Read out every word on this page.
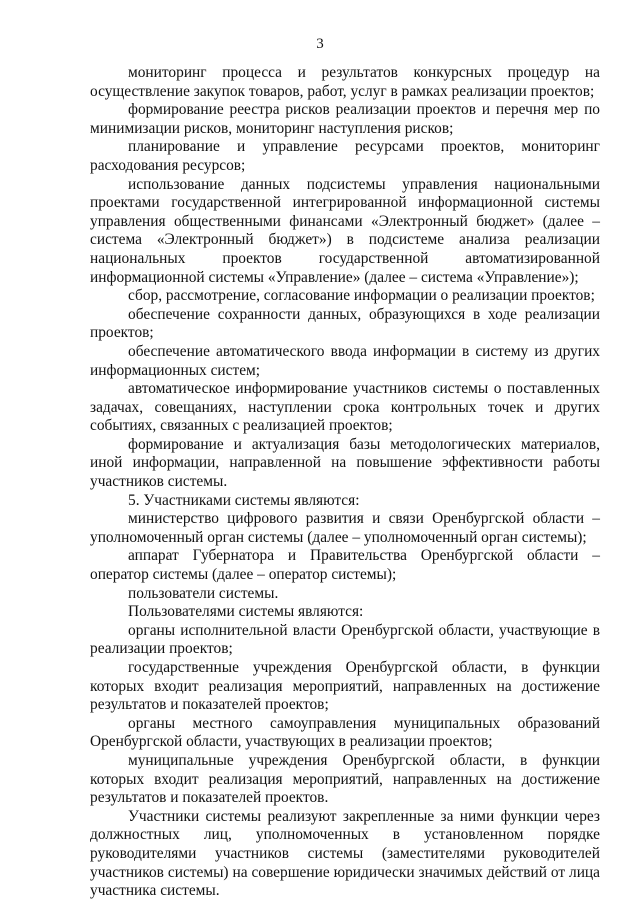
3
мониторинг процесса и результатов конкурсных процедур на
осуществление закупок товаров, работ, услуг в рамках реализации проектов;
формирование реестра рисков реализации проектов и перечня мер по
минимизации рисков, мониторинг наступления рисков;
планирование и управление ресурсами проектов, мониторинг
расходования ресурсов;
использование данных подсистемы управления национальными
проектами государственной интегрированной информационной системы
управления общественными финансами «Электронный бюджет» (далее –
система «Электронный бюджет») в подсистеме анализа реализации
национальных проектов государственной автоматизированной
информационной системы «Управление» (далее – система «Управление»);
сбор, рассмотрение, согласование информации о реализации проектов;
обеспечение сохранности данных, образующихся в ходе реализации
проектов;
обеспечение автоматического ввода информации в систему из других
информационных систем;
автоматическое информирование участников системы о поставленных
задачах, совещаниях, наступлении срока контрольных точек и других
событиях, связанных с реализацией проектов;
формирование и актуализация базы методологических материалов,
иной информации, направленной на повышение эффективности работы
участников системы.
5. Участниками системы являются:
министерство цифрового развития и связи Оренбургской области –
уполномоченный орган системы (далее – уполномоченный орган системы);
аппарат Губернатора и Правительства Оренбургской области –
оператор системы (далее – оператор системы);
пользователи системы.
Пользователями системы являются:
органы исполнительной власти Оренбургской области, участвующие в
реализации проектов;
государственные учреждения Оренбургской области, в функции
которых входит реализация мероприятий, направленных на достижение
результатов и показателей проектов;
органы местного самоуправления муниципальных образований
Оренбургской области, участвующих в реализации проектов;
муниципальные учреждения Оренбургской области, в функции
которых входит реализация мероприятий, направленных на достижение
результатов и показателей проектов.
Участники системы реализуют закрепленные за ними функции через
должностных лиц, уполномоченных в установленном порядке
руководителями участников системы (заместителями руководителей
участников системы) на совершение юридически значимых действий от лица
участника системы.
